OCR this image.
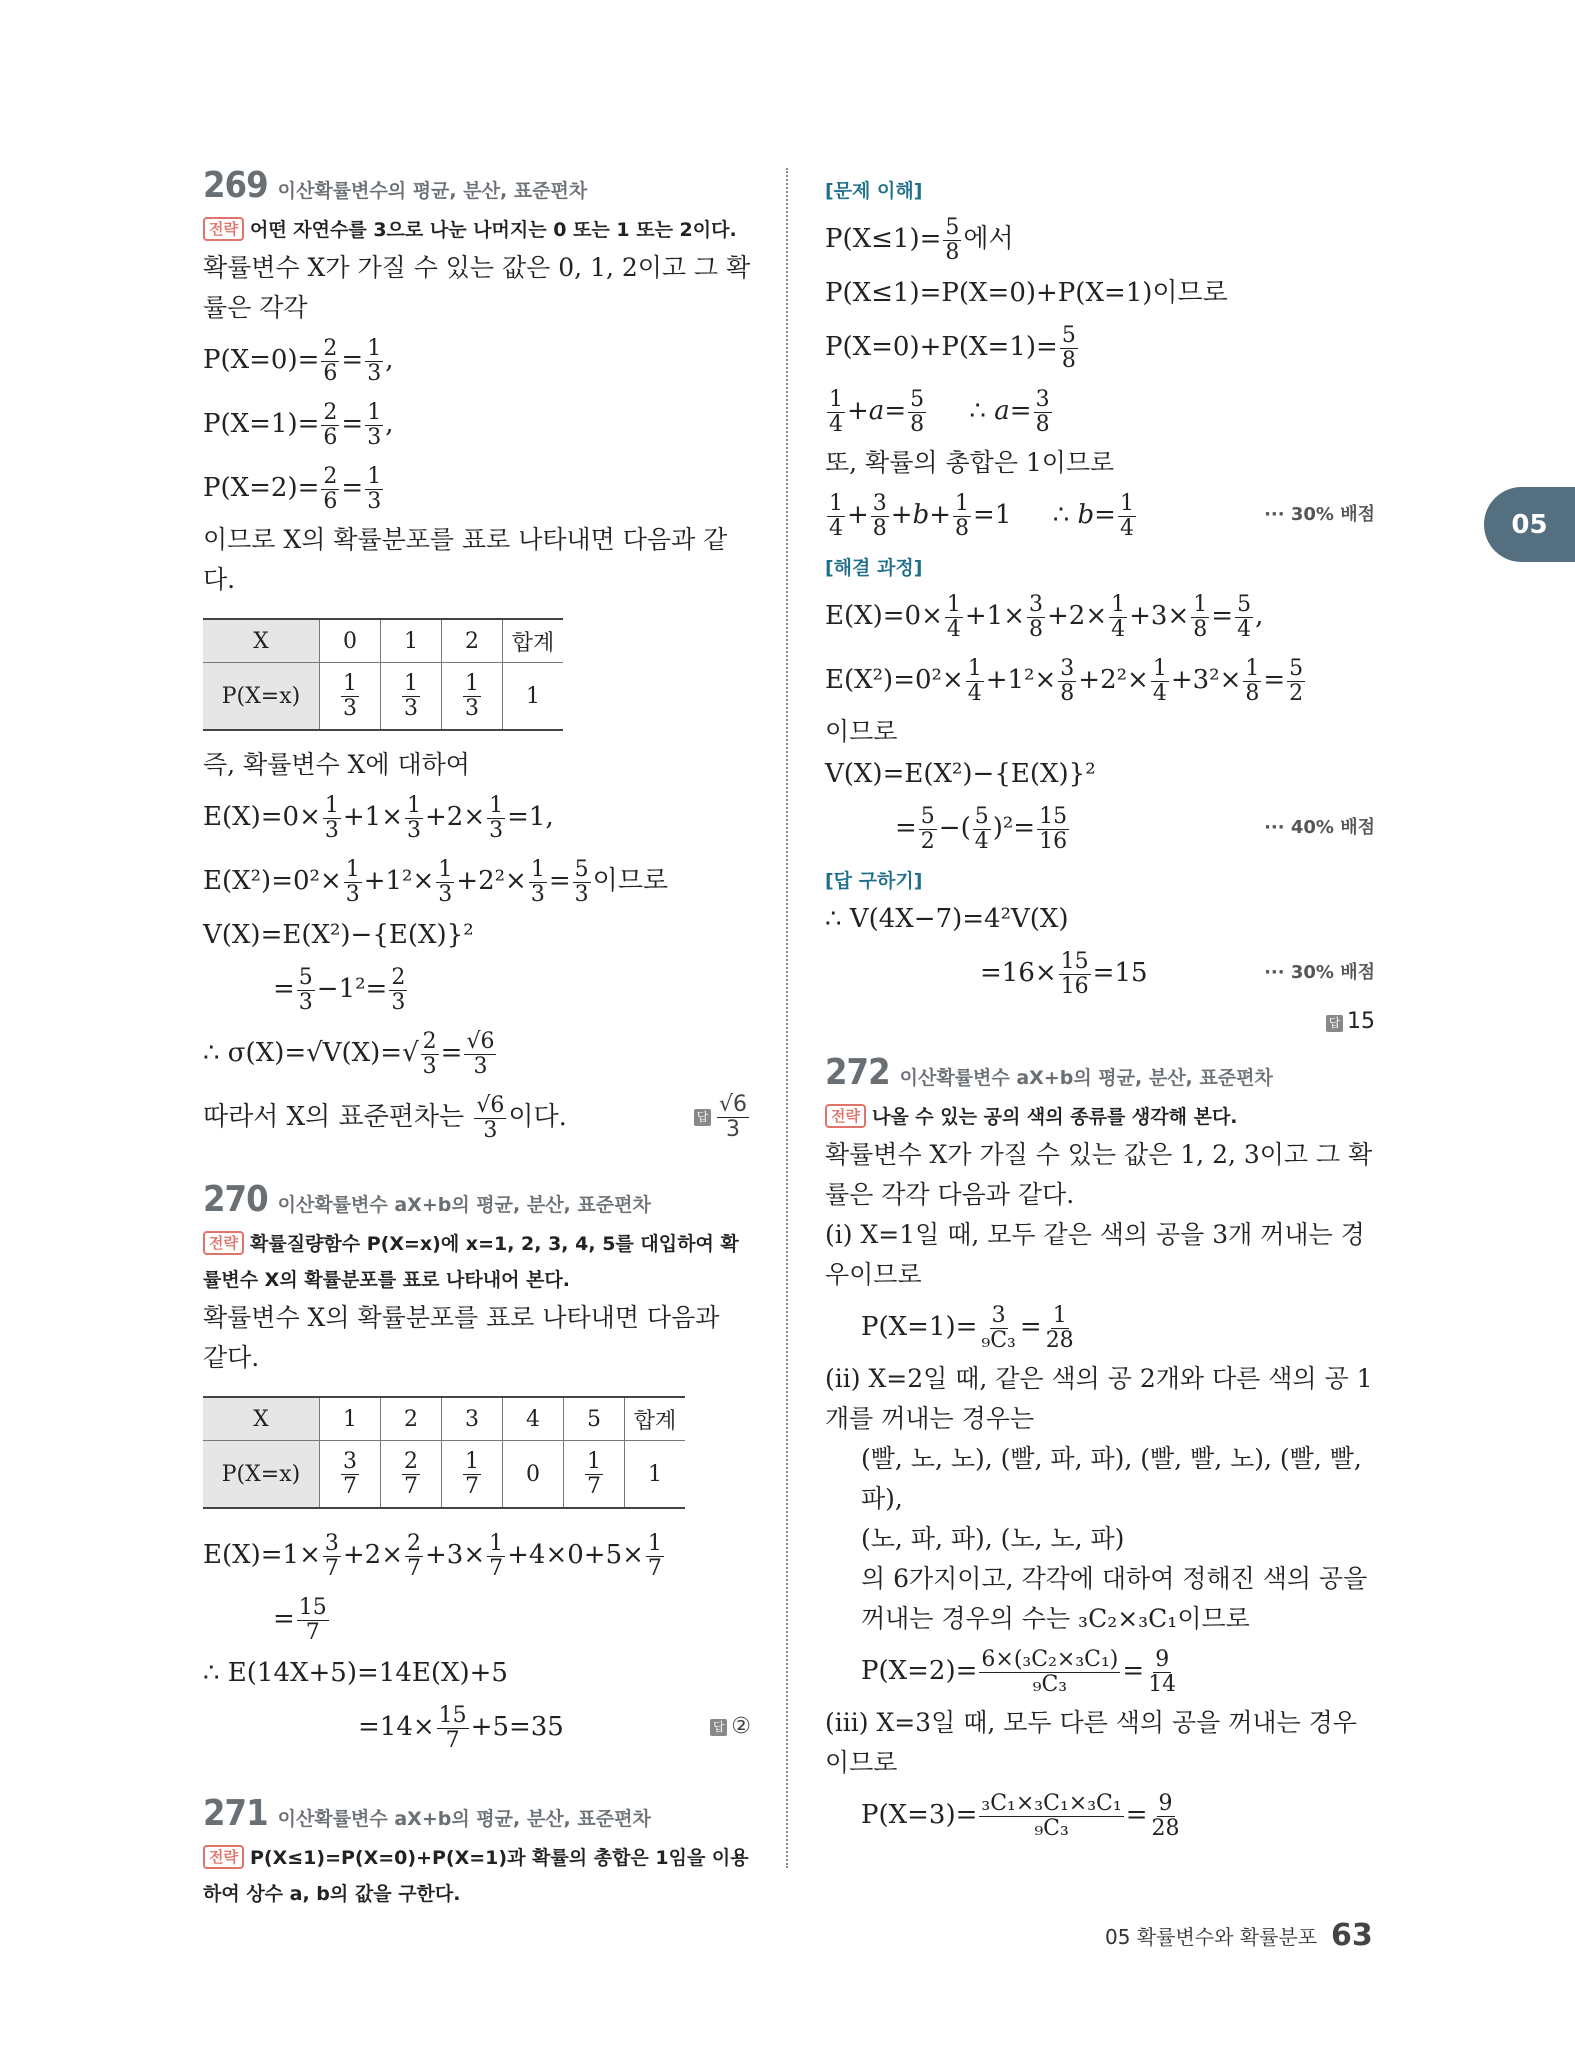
269 이산확률변수의 평균, 분산, 표준편차
전략 어떤 자연수를 3으로 나눈 나머지는 0 또는 1 또는 2이다.
확률변수 X가 가질 수 있는 값은 0, 1, 2이고 그 확률은 각각
$P(X=0)= \frac{2}{6} = \frac{1}{3}$ ,
$P(X=1)= \frac{2}{6} = \frac{1}{3}$ ,
$P(X=2)= \frac{2}{6} = \frac{1}{3}$
이므로 X의 확률분포를 표로 나타내면 다음과 같다.
X	0	1	2	합계
P(X=x)	$\frac{1}{3}$	$\frac{1}{3}$	$\frac{1}{3}$	1
즉, 확률변수 X에 대하여
$E(X)=0\times \frac{1}{3} +1\times \frac{1}{3} +2\times \frac{1}{3} =1$,
$E(X^2)=0^2\times \frac{1}{3} +1^2\times \frac{1}{3} +2^2\times \frac{1}{3} = \frac{5}{3}$ 이므로
V(X)=E(X²)−{E(X)}²
= $\frac{5}{3} -1^2= \frac{2}{3}$
∴ $\sigma(X)=√V(X)=√ \frac{2}{3} = \frac{√6}{3}$
따라서 X의 표준편차는 $\frac{√6}{3}$ 이다.	답 $\frac{√6}{3}$
270 이산확률변수 aX+b의 평균, 분산, 표준편차
전략 확률질량함수 P(X=x)에 x=1, 2, 3, 4, 5를 대입하여 확률변수 X의 확률분포를 표로 나타내어 본다.
확률변수 X의 확률분포를 표로 나타내면 다음과 같다.
X	1	2	3	4	5	합계
P(X=x)	$\frac{3}{7}$	$\frac{2}{7}$	$\frac{1}{7}$	0	$\frac{1}{7}$	1
$E(X)=1\times \frac{3}{7} +2\times \frac{2}{7} +3\times \frac{1}{7} +4\times 0+5\times \frac{1}{7}$
= $\frac{15}{7}$
∴ E(14X+5)=14E(X)+5
$=14\times \frac{15}{7} +5=35$	답 ②
271 이산확률변수 aX+b의 평균, 분산, 표준편차
전략 P(X≤1)=P(X=0)+P(X=1)과 확률의 총합은 1임을 이용하여 상수 a, b의 값을 구한다.
[문제 이해]
$P(X\le 1)= \frac{5}{8}$ 에서
P(X≤1)=P(X=0)+P(X=1)이므로
$P(X=0)+P(X=1)= \frac{5}{8}$
$\frac{1}{4} +a= \frac{5}{8}$ ∴ $a= \frac{3}{8}$
또, 확률의 총합은 1이므로
$\frac{1}{4} + \frac{3}{8} +b+ \frac{1}{8} =1$     ∴ $b= \frac{1}{4}$	··· 30% 배점
[해결 과정]
$E(X)=0\times \frac{1}{4} +1\times \frac{3}{8} +2\times \frac{1}{4} +3\times \frac{1}{8} = \frac{5}{4}$ ,
$E(X^2)=0^2\times \frac{1}{4} +1^2\times \frac{3}{8} +2^2\times \frac{1}{4} +3^2\times \frac{1}{8} = \frac{5}{2}$
이므로
V(X)=E(X²)−{E(X)}²
= $\frac{5}{2}$ −( $\frac{5}{4} )^2= \frac{15}{16}$	··· 40% 배점
[답 구하기]
∴ V(4X−7)=4²V(X)
$=16\times \frac{15}{16} =15$	··· 30% 배점
답 15
272 이산확률변수 aX+b의 평균, 분산, 표준편차
전략 나올 수 있는 공의 색의 종류를 생각해 본다.
확률변수 X가 가질 수 있는 값은 1, 2, 3이고 그 확률은 각각 다음과 같다.
(i) X=1일 때, 모두 같은 색의 공을 3개 꺼내는 경우이므로
$P(X=1)= \frac{3}{\text{₉C₃}} = \frac{1}{28}$
(ii) X=2일 때, 같은 색의 공 2개와 다른 색의 공 1개를 꺼내는 경우는
(빨, 노, 노), (빨, 파, 파), (빨, 빨, 노), (빨, 빨, 파),
(노, 파, 파), (노, 노, 파)
의 6가지이고, 각각에 대하여 정해진 색의 공을 꺼내는 경우의 수는 ₃C₂×₃C₁이므로
$P(X=2)= \frac{\text{6×(₃C₂×₃C₁)}}{\text{₉C₃}} = \frac{9}{14}$
(iii) X=3일 때, 모두 다른 색의 공을 꺼내는 경우이므로
$P(X=3)= \frac{\text{₃C₁×₃C₁×₃C₁}}{\text{₉C₃}} = \frac{9}{28}$
05
05 확률변수와 확률분포 63
